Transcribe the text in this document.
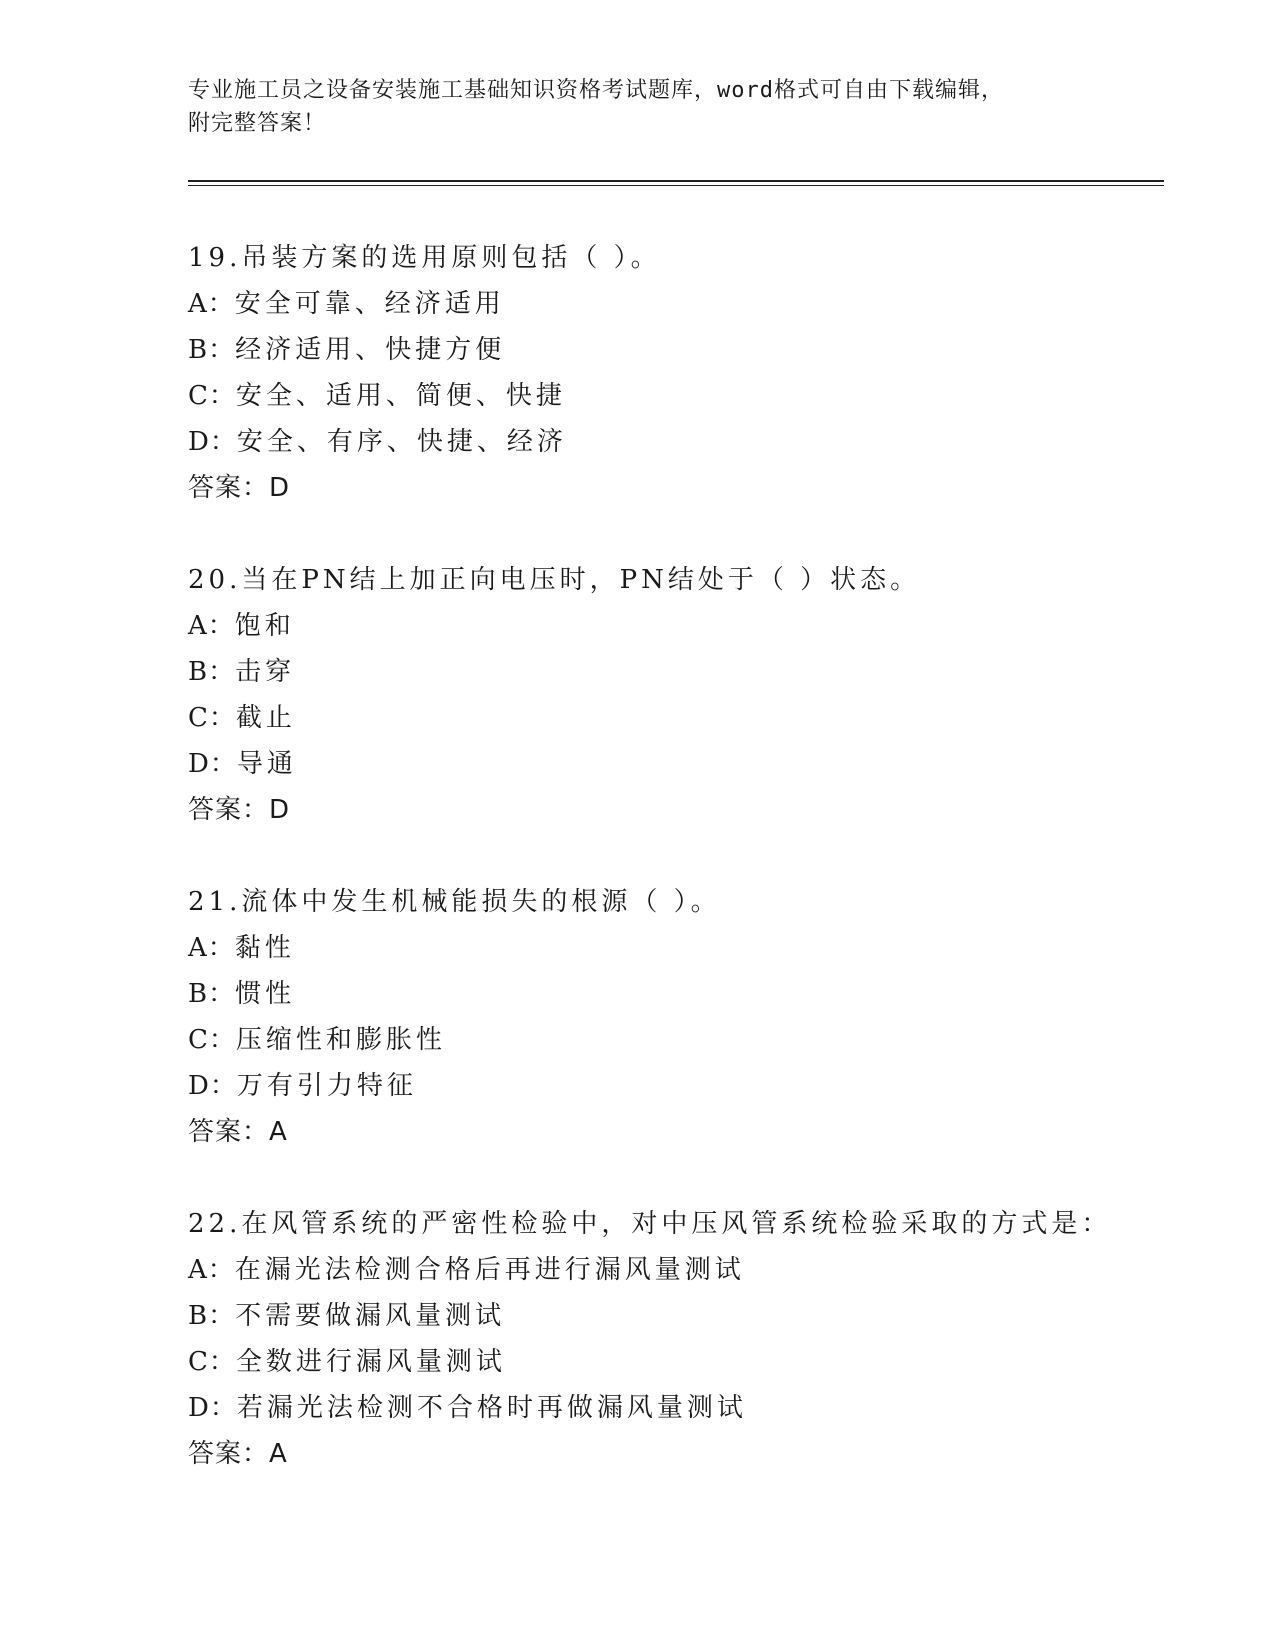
专业施工员之设备安装施工基础知识资格考试题库，word格式可自由下载编辑，
附完整答案！
19.吊装方案的选用原则包括（ ）。
A：安全可靠、经济适用
B：经济适用、快捷方便
C：安全、适用、简便、快捷
D：安全、有序、快捷、经济
答案：D
20.当在PN结上加正向电压时，PN结处于（ ）状态。
A：饱和
B：击穿
C：截止
D：导通
答案：D
21.流体中发生机械能损失的根源（ ）。
A：黏性
B：惯性
C：压缩性和膨胀性
D：万有引力特征
答案：A
22.在风管系统的严密性检验中，对中压风管系统检验采取的方式是：
A：在漏光法检测合格后再进行漏风量测试
B：不需要做漏风量测试
C：全数进行漏风量测试
D：若漏光法检测不合格时再做漏风量测试
答案：A
